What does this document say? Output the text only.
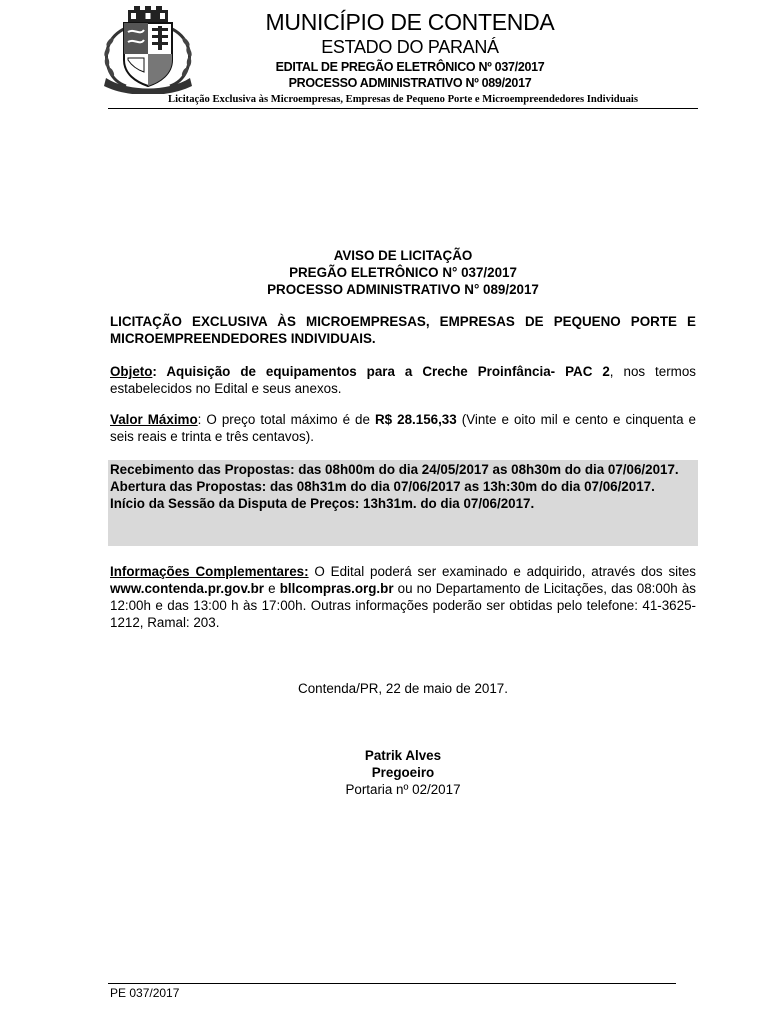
MUNICÍPIO DE CONTENDA
ESTADO DO PARANÁ
EDITAL DE PREGÃO ELETRÔNICO Nº 037/2017
PROCESSO ADMINISTRATIVO Nº 089/2017
Licitação Exclusiva às Microempresas, Empresas de Pequeno Porte e Microempreendedores Individuais
AVISO DE LICITAÇÃO
PREGÃO ELETRÔNICO N° 037/2017
PROCESSO ADMINISTRATIVO N° 089/2017
LICITAÇÃO EXCLUSIVA ÀS MICROEMPRESAS, EMPRESAS DE PEQUENO PORTE E MICROEMPREENDEDORES INDIVIDUAIS.
Objeto: Aquisição de equipamentos para a Creche Proinfância- PAC 2, nos termos estabelecidos no Edital e seus anexos.
Valor Máximo: O preço total máximo é de R$ 28.156,33 (Vinte e oito mil e cento e cinquenta e seis reais e trinta e três centavos).
Recebimento das Propostas: das 08h00m do dia 24/05/2017 as 08h30m do dia 07/06/2017.
Abertura das Propostas: das 08h31m do dia 07/06/2017 as 13h:30m do dia 07/06/2017.
Início da Sessão da Disputa de Preços: 13h31m. do dia 07/06/2017.
Informações Complementares: O Edital poderá ser examinado e adquirido, através dos sites www.contenda.pr.gov.br e bllcompras.org.br ou no Departamento de Licitações, das 08:00h às 12:00h e das 13:00 h às 17:00h. Outras informações poderão ser obtidas pelo telefone: 41-3625-1212, Ramal: 203.
Contenda/PR, 22 de maio de 2017.
Patrik Alves
Pregoeiro
Portaria nº 02/2017
PE 037/2017
